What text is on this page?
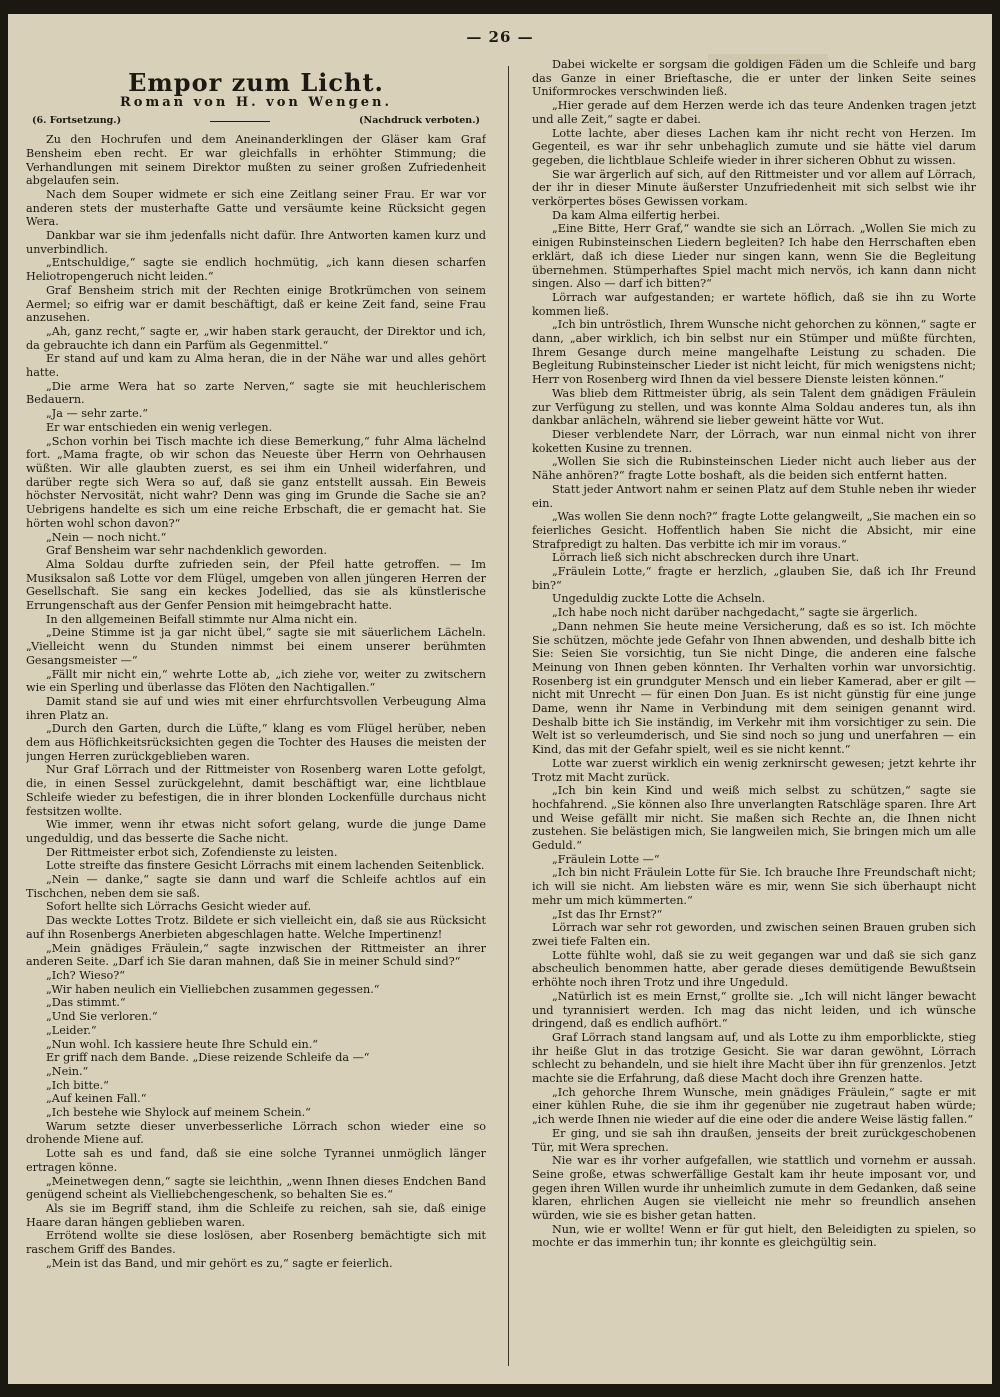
— 26 —
Empor zum Licht.
Roman von H. von Wengen.
(6. Fortsetzung.)	(Nachdruck verboten.)

Zu den Hochrufen und dem Aneinanderklingen der Gläser kam Graf Bensheim eben recht. Er war gleichfalls in erhöhter Stimmung; die Verhandlungen mit seinem Direktor mußten zu seiner großen Zufriedenheit abgelaufen sein.

Nach dem Souper widmete er sich eine Zeitlang seiner Frau. Er war vor anderen stets der musterhafte Gatte und versäumte keine Rücksicht gegen Wera.

Dankbar war sie ihm jedenfalls nicht dafür. Ihre Antworten kamen kurz und unverbindlich.

„Entschuldige,“ sagte sie endlich hochmütig, „ich kann diesen scharfen Heliotropengeruch nicht leiden.“

Graf Bensheim strich mit der Rechten einige Brotkrümchen von seinem Aermel; so eifrig war er damit beschäftigt, daß er keine Zeit fand, seine Frau anzusehen.

„Ah, ganz recht,“ sagte er, „wir haben stark geraucht, der Direktor und ich, da gebrauchte ich dann ein Parfüm als Gegenmittel.“

Er stand auf und kam zu Alma heran, die in der Nähe war und alles gehört hatte.

„Die arme Wera hat so zarte Nerven,“ sagte sie mit heuchlerischem Bedauern.

„Ja — sehr zarte.“

Er war entschieden ein wenig verlegen.

„Schon vorhin bei Tisch machte ich diese Bemerkung,“ fuhr Alma lächelnd fort. „Mama fragte, ob wir schon das Neueste über Herrn von Oehrhausen wüßten. Wir alle glaubten zuerst, es sei ihm ein Unheil widerfahren, und darüber regte sich Wera so auf, daß sie ganz entstellt aussah. Ein Beweis höchster Nervosität, nicht wahr? Denn was ging im Grunde die Sache sie an? Uebrigens handelte es sich um eine reiche Erbschaft, die er gemacht hat. Sie hörten wohl schon davon?“

„Nein — noch nicht.“

Graf Bensheim war sehr nachdenklich geworden.

Alma Soldau durfte zufrieden sein, der Pfeil hatte getroffen. — Im Musiksalon saß Lotte vor dem Flügel, umgeben von allen jüngeren Herren der Gesellschaft. Sie sang ein keckes Jodellied, das sie als künstlerische Errungenschaft aus der Genfer Pension mit heimgebracht hatte.

In den allgemeinen Beifall stimmte nur Alma nicht ein.

„Deine Stimme ist ja gar nicht übel,“ sagte sie mit säuerlichem Lächeln. „Vielleicht wenn du Stunden nimmst bei einem unserer berühmten Gesangsmeister —“

„Fällt mir nicht ein,“ wehrte Lotte ab, „ich ziehe vor, weiter zu zwitschern wie ein Sperling und überlasse das Flöten den Nachtigallen.“

Damit stand sie auf und wies mit einer ehrfurchtsvollen Verbeugung Alma ihren Platz an.

„Durch den Garten, durch die Lüfte,“ klang es vom Flügel herüber, neben dem aus Höflichkeitsrücksichten gegen die Tochter des Hauses die meisten der jungen Herren zurückgeblieben waren.

Nur Graf Lörrach und der Rittmeister von Rosenberg waren Lotte gefolgt, die, in einen Sessel zurückgelehnt, damit beschäftigt war, eine lichtblaue Schleife wieder zu befestigen, die in ihrer blonden Lockenfülle durchaus nicht festsitzen wollte.

Wie immer, wenn ihr etwas nicht sofort gelang, wurde die junge Dame ungeduldig, und das besserte die Sache nicht.

Der Rittmeister erbot sich, Zofendienste zu leisten.

Lotte streifte das finstere Gesicht Lörrachs mit einem lachenden Seitenblick.

„Nein — danke,“ sagte sie dann und warf die Schleife achtlos auf ein Tischchen, neben dem sie saß.

Sofort hellte sich Lörrachs Gesicht wieder auf.

Das weckte Lottes Trotz. Bildete er sich vielleicht ein, daß sie aus Rücksicht auf ihn Rosenbergs Anerbieten abgeschlagen hatte. Welche Impertinenz!

„Mein gnädiges Fräulein,“ sagte inzwischen der Rittmeister an ihrer anderen Seite. „Darf ich Sie daran mahnen, daß Sie in meiner Schuld sind?“

„Ich? Wieso?“

„Wir haben neulich ein Vielliebchen zusammen gegessen.“

„Das stimmt.“

„Und Sie verloren.“

„Leider.“

„Nun wohl. Ich kassiere heute Ihre Schuld ein.“

Er griff nach dem Bande. „Diese reizende Schleife da —“

„Nein.“

„Ich bitte.“

„Auf keinen Fall.“

„Ich bestehe wie Shylock auf meinem Schein.“

Warum setzte dieser unverbesserliche Lörrach schon wieder eine so drohende Miene auf.

Lotte sah es und fand, daß sie eine solche Tyrannei unmöglich länger ertragen könne.

„Meinetwegen denn,“ sagte sie leichthin, „wenn Ihnen dieses Endchen Band genügend scheint als Vielliebchengeschenk, so behalten Sie es.“

Als sie im Begriff stand, ihm die Schleife zu reichen, sah sie, daß einige Haare daran hängen geblieben waren.

Errötend wollte sie diese loslösen, aber Rosenberg bemächtigte sich mit raschem Griff des Bandes.

„Mein ist das Band, und mir gehört es zu,“ sagte er feierlich.

Dabei wickelte er sorgsam die goldigen Fäden um die Schleife und barg das Ganze in einer Brieftasche, die er unter der linken Seite seines Uniformrockes verschwinden ließ.

„Hier gerade auf dem Herzen werde ich das teure Andenken tragen jetzt und alle Zeit,“ sagte er dabei.

Lotte lachte, aber dieses Lachen kam ihr nicht recht von Herzen. Im Gegenteil, es war ihr sehr unbehaglich zumute und sie hätte viel darum gegeben, die lichtblaue Schleife wieder in ihrer sicheren Obhut zu wissen.

Sie war ärgerlich auf sich, auf den Rittmeister und vor allem auf Lörrach, der ihr in dieser Minute äußerster Unzufriedenheit mit sich selbst wie ihr verkörpertes böses Gewissen vorkam.

Da kam Alma eilfertig herbei.

„Eine Bitte, Herr Graf,“ wandte sie sich an Lörrach. „Wollen Sie mich zu einigen Rubinsteinschen Liedern begleiten? Ich habe den Herrschaften eben erklärt, daß ich diese Lieder nur singen kann, wenn Sie die Begleitung übernehmen. Stümperhaftes Spiel macht mich nervös, ich kann dann nicht singen. Also — darf ich bitten?“

Lörrach war aufgestanden; er wartete höflich, daß sie ihn zu Worte kommen ließ.

„Ich bin untröstlich, Ihrem Wunsche nicht gehorchen zu können,“ sagte er dann, „aber wirklich, ich bin selbst nur ein Stümper und müßte fürchten, Ihrem Gesange durch meine mangelhafte Leistung zu schaden. Die Begleitung Rubinsteinscher Lieder ist nicht leicht, für mich wenigstens nicht; Herr von Rosenberg wird Ihnen da viel bessere Dienste leisten können.“

Was blieb dem Rittmeister übrig, als sein Talent dem gnädigen Fräulein zur Verfügung zu stellen, und was konnte Alma Soldau anderes tun, als ihn dankbar anlächeln, während sie lieber geweint hätte vor Wut.

Dieser verblendete Narr, der Lörrach, war nun einmal nicht von ihrer koketten Kusine zu trennen.

„Wollen Sie sich die Rubinsteinschen Lieder nicht auch lieber aus der Nähe anhören?“ fragte Lotte boshaft, als die beiden sich entfernt hatten.

Statt jeder Antwort nahm er seinen Platz auf dem Stuhle neben ihr wieder ein.

„Was wollen Sie denn noch?“ fragte Lotte gelangweilt, „Sie machen ein so feierliches Gesicht. Hoffentlich haben Sie nicht die Absicht, mir eine Strafpredigt zu halten. Das verbitte ich mir im voraus.“

Lörrach ließ sich nicht abschrecken durch ihre Unart.

„Fräulein Lotte,“ fragte er herzlich, „glauben Sie, daß ich Ihr Freund bin?“

Ungeduldig zuckte Lotte die Achseln.

„Ich habe noch nicht darüber nachgedacht,“ sagte sie ärgerlich.

„Dann nehmen Sie heute meine Versicherung, daß es so ist. Ich möchte Sie schützen, möchte jede Gefahr von Ihnen abwenden, und deshalb bitte ich Sie: Seien Sie vorsichtig, tun Sie nicht Dinge, die anderen eine falsche Meinung von Ihnen geben könnten. Ihr Verhalten vorhin war unvorsichtig. Rosenberg ist ein grundguter Mensch und ein lieber Kamerad, aber er gilt — nicht mit Unrecht — für einen Don Juan. Es ist nicht günstig für eine junge Dame, wenn ihr Name in Verbindung mit dem seinigen genannt wird. Deshalb bitte ich Sie inständig, im Verkehr mit ihm vorsichtiger zu sein. Die Welt ist so verleumderisch, und Sie sind noch so jung und unerfahren — ein Kind, das mit der Gefahr spielt, weil es sie nicht kennt.“

Lotte war zuerst wirklich ein wenig zerknirscht gewesen; jetzt kehrte ihr Trotz mit Macht zurück.

„Ich bin kein Kind und weiß mich selbst zu schützen,“ sagte sie hochfahrend. „Sie können also Ihre unverlangten Ratschläge sparen. Ihre Art und Weise gefällt mir nicht. Sie maßen sich Rechte an, die Ihnen nicht zustehen. Sie belästigen mich, Sie langweilen mich, Sie bringen mich um alle Geduld.“

„Fräulein Lotte —“

„Ich bin nicht Fräulein Lotte für Sie. Ich brauche Ihre Freundschaft nicht; ich will sie nicht. Am liebsten wäre es mir, wenn Sie sich überhaupt nicht mehr um mich kümmerten.“

„Ist das Ihr Ernst?“

Lörrach war sehr rot geworden, und zwischen seinen Brauen gruben sich zwei tiefe Falten ein.

Lotte fühlte wohl, daß sie zu weit gegangen war und daß sie sich ganz abscheulich benommen hatte, aber gerade dieses demütigende Bewußtsein erhöhte noch ihren Trotz und ihre Ungeduld.

„Natürlich ist es mein Ernst,“ grollte sie. „Ich will nicht länger bewacht und tyrannisiert werden. Ich mag das nicht leiden, und ich wünsche dringend, daß es endlich aufhört.“

Graf Lörrach stand langsam auf, und als Lotte zu ihm emporblickte, stieg ihr heiße Glut in das trotzige Gesicht. Sie war daran gewöhnt, Lörrach schlecht zu behandeln, und sie hielt ihre Macht über ihn für grenzenlos. Jetzt machte sie die Erfahrung, daß diese Macht doch ihre Grenzen hatte.

„Ich gehorche Ihrem Wunsche, mein gnädiges Fräulein,“ sagte er mit einer kühlen Ruhe, die sie ihm ihr gegenüber nie zugetraut haben würde; „ich werde Ihnen nie wieder auf die eine oder die andere Weise lästig fallen.“

Er ging, und sie sah ihn draußen, jenseits der breit zurückgeschobenen Tür, mit Wera sprechen.

Nie war es ihr vorher aufgefallen, wie stattlich und vornehm er aussah. Seine große, etwas schwerfällige Gestalt kam ihr heute imposant vor, und gegen ihren Willen wurde ihr unheimlich zumute in dem Gedanken, daß seine klaren, ehrlichen Augen sie vielleicht nie mehr so freundlich ansehen würden, wie sie es bisher getan hatten.

Nun, wie er wollte! Wenn er für gut hielt, den Beleidigten zu spielen, so mochte er das immerhin tun; ihr konnte es gleichgültig sein.
